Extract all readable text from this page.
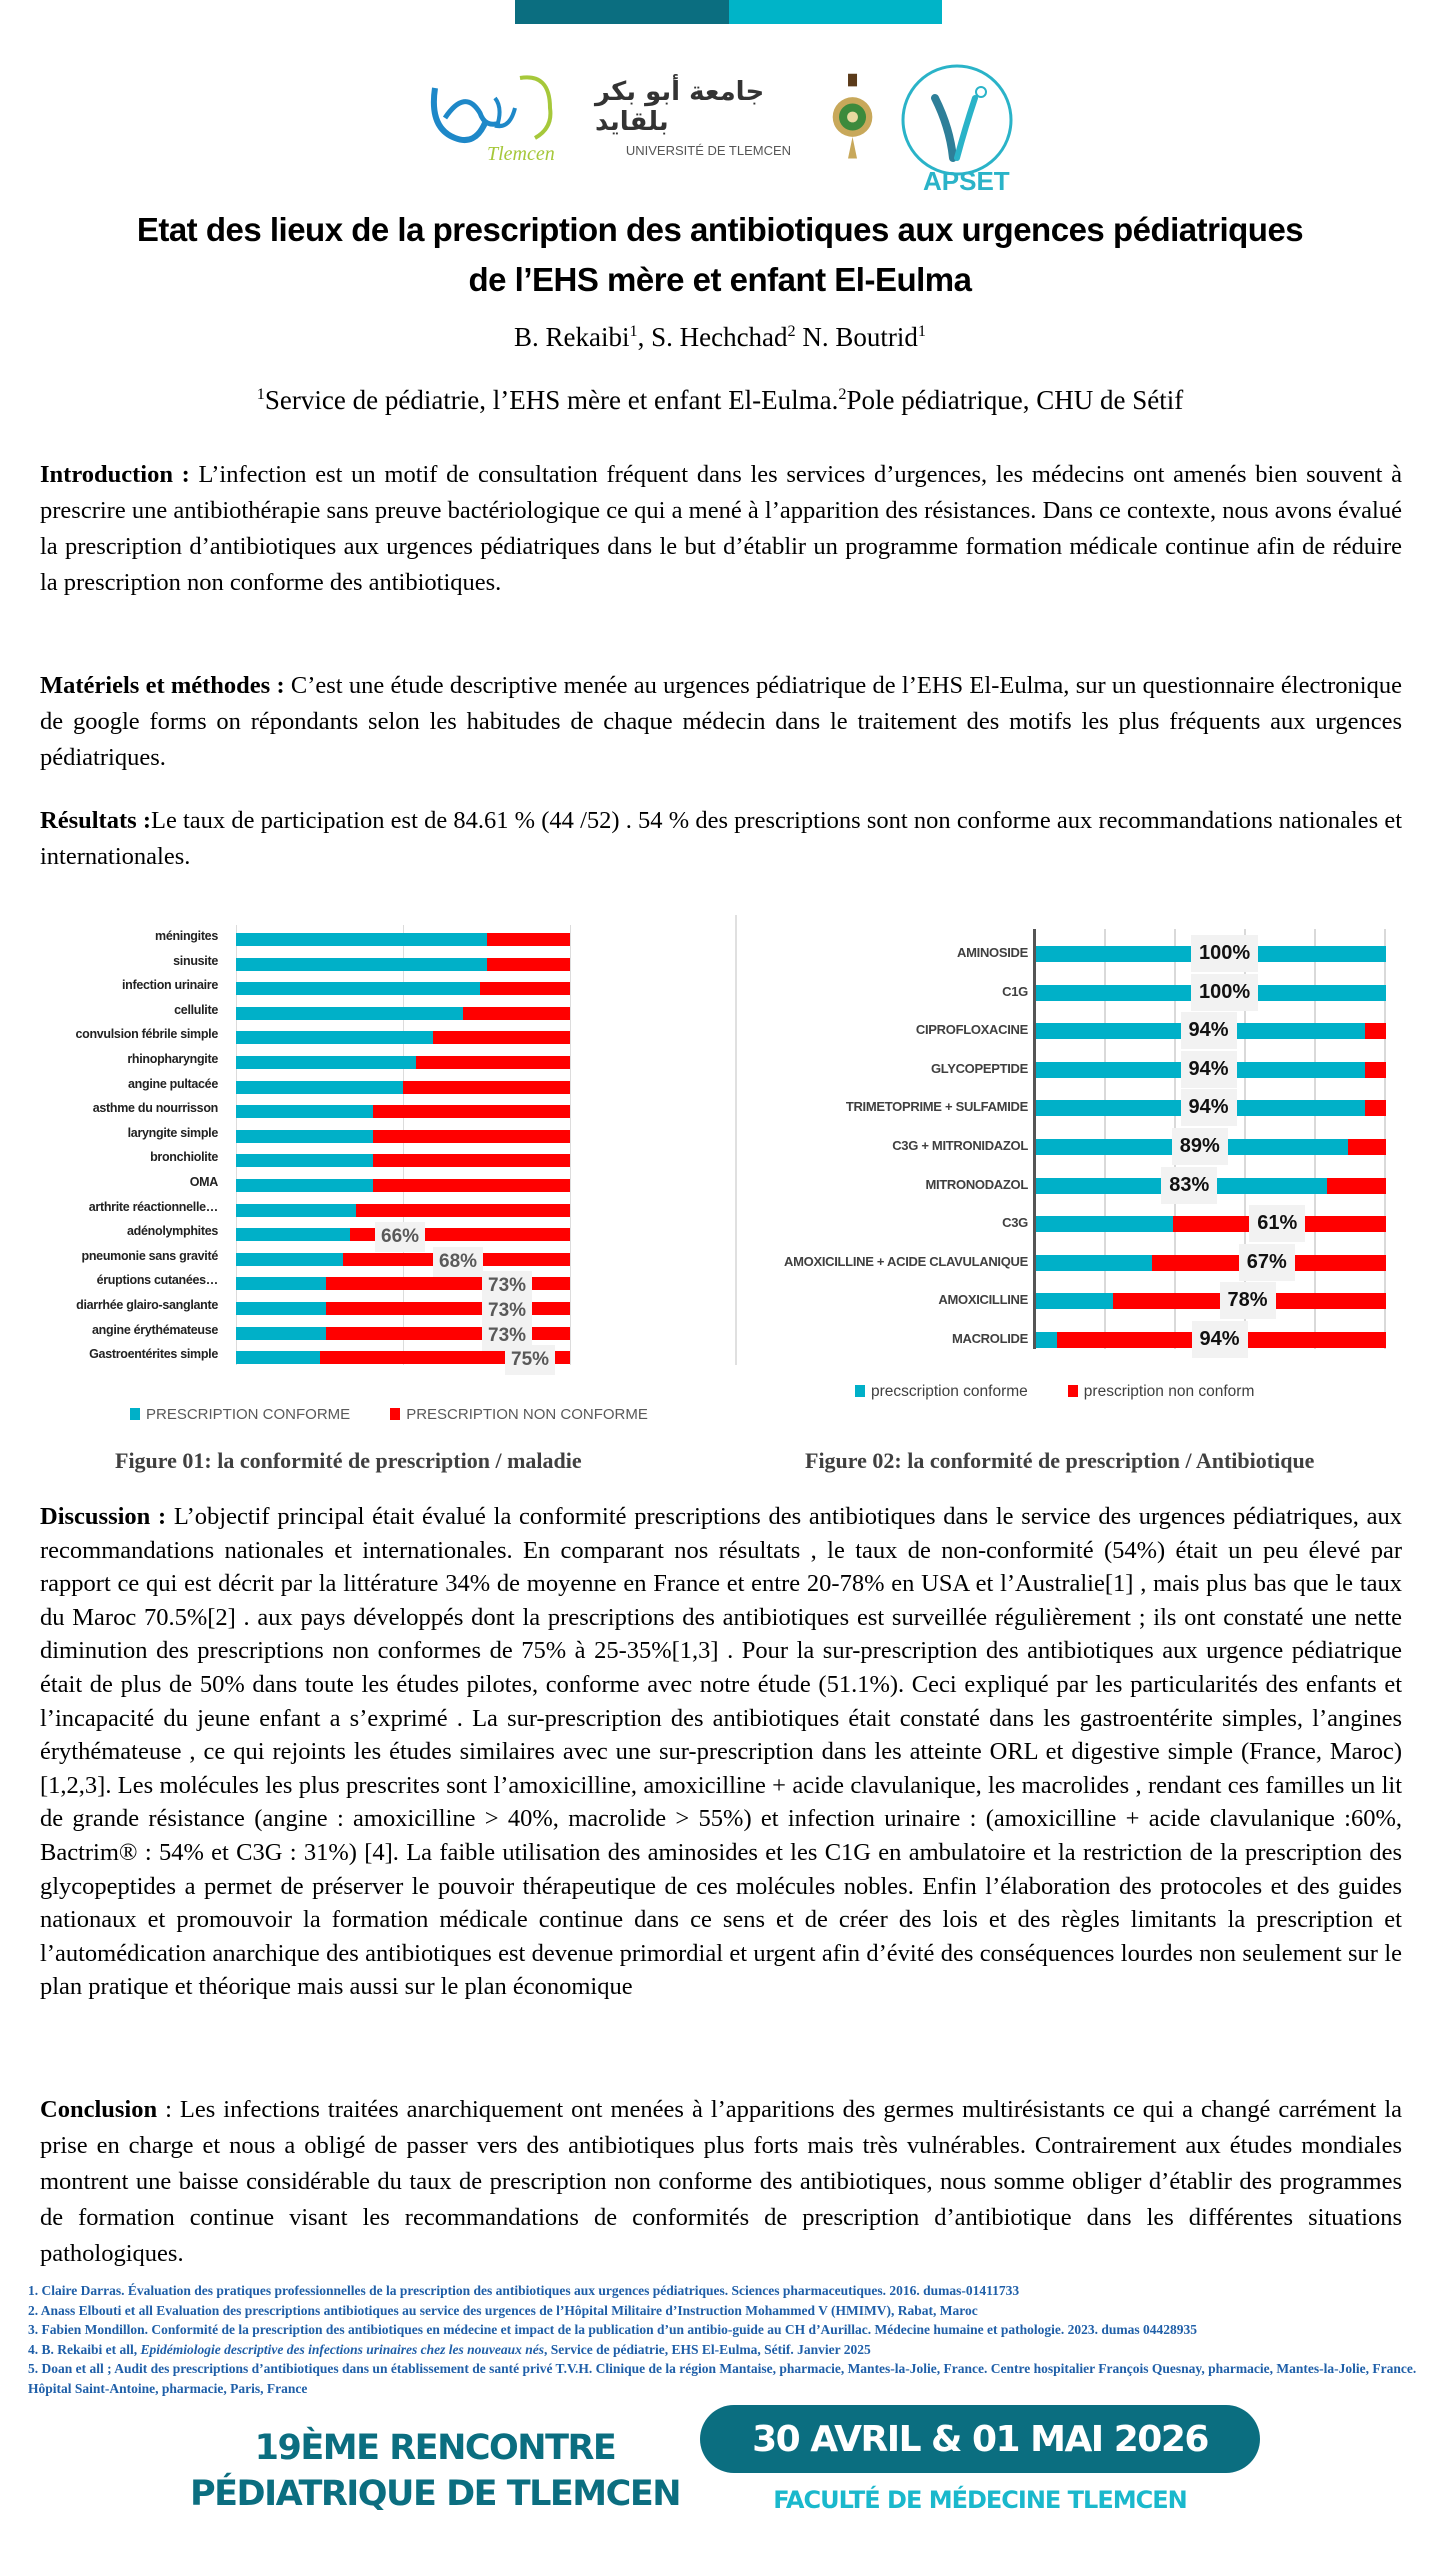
Tlemcen
جامعة أبو بكر بلقايد
UNIVERSITÉ DE TLEMCEN
APSET
Etat des lieux de la prescription des antibiotiques aux urgences pédiatriques
de l’EHS mère et enfant El-Eulma
B. Rekaibi$^1$, S. Hechchad$^2$ N. Boutrid$^1$
$^1$Service de pédiatrie, l’EHS mère et enfant El-Eulma.$^2$Pole pédiatrique, CHU de Sétif
Introduction : L’infection est un motif de consultation fréquent dans les services d’urgences, les médecins ont amenés bien souvent à prescrire une antibiothérapie sans preuve bactériologique ce qui a mené à l’apparition des résistances. Dans ce contexte, nous avons évalué la prescription d’antibiotiques aux urgences pédiatriques dans le but d’établir un programme formation médicale continue afin de réduire la prescription non conforme des antibiotiques.
Matériels et méthodes : C’est une étude descriptive menée au urgences pédiatrique de l’EHS El-Eulma, sur un questionnaire électronique de google forms on répondants selon les habitudes de chaque médecin dans le traitement des motifs les plus fréquents aux urgences pédiatriques.
Résultats :Le taux de participation est de 84.61 % (44 /52) . 54 % des prescriptions sont non conforme aux recommandations nationales et internationales.
méningites
sinusite
infection urinaire
cellulite
convulsion fébrile simple
rhinopharyngite
angine pultacée
asthme du nourrisson
laryngite simple
bronchiolite
OMA
arthrite réactionnelle…
adénolymphites	66%
pneumonie sans gravité	68%
éruptions cutanées…	73%
diarrhée glairo-sanglante	73%
angine érythémateuse	73%
Gastroentérites simple	75%
AMINOSIDE	100%
C1G	100%
CIPROFLOXACINE	94%
GLYCOPEPTIDE	94%
TRIMETOPRIME + SULFAMIDE	94%
C3G + MITRONIDAZOL	89%
MITRONODAZOL	83%
C3G	61%
AMOXICILLINE + ACIDE CLAVULANIQUE	67%
AMOXICILLINE	78%
MACROLIDE	94%
PRESCRIPTION CONFORME	PRESCRIPTION NON CONFORME
precscription conforme	prescription non conform
Figure 01: la conformité de prescription / maladie	Figure 02: la conformité de prescription / Antibiotique
Discussion : L’objectif principal était évalué la conformité prescriptions des antibiotiques dans le service des urgences pédiatriques, aux recommandations nationales et internationales. En comparant nos résultats , le taux de non-conformité (54%) était un peu élevé par rapport ce qui est décrit par la littérature 34% de moyenne en France et entre 20-78% en USA et l’Australie[1] , mais plus bas que le taux du Maroc 70.5%[2] . aux pays développés dont la prescriptions des antibiotiques est surveillée régulièrement ; ils ont constaté une nette diminution des prescriptions non conformes de 75% à 25-35%[1,3] . Pour la sur-prescription des antibiotiques aux urgence pédiatrique était de plus de 50% dans toute les études pilotes, conforme avec notre étude (51.1%). Ceci expliqué par les particularités des enfants et l’incapacité du jeune enfant a s’exprimé . La sur-prescription des antibiotiques était constaté dans les gastroentérite simples, l’angines érythémateuse , ce qui rejoints les études similaires avec une sur-prescription dans les atteinte ORL et digestive simple (France, Maroc) [1,2,3]. Les molécules les plus prescrites sont l’amoxicilline, amoxicilline + acide clavulanique, les macrolides , rendant ces familles un lit de grande résistance (angine : amoxicilline > 40%, macrolide > 55%) et infection urinaire : (amoxicilline + acide clavulanique :60%, Bactrim® : 54% et C3G : 31%) [4]. La faible utilisation des aminosides et les C1G en ambulatoire et la restriction de la prescription des glycopeptides a permet de préserver le pouvoir thérapeutique de ces molécules nobles. Enfin l’élaboration des protocoles et des guides nationaux et promouvoir la formation médicale continue dans ce sens et de créer des lois et des règles limitants la prescription et l’automédication anarchique des antibiotiques est devenue primordial et urgent afin d’évité des conséquences lourdes non seulement sur le plan pratique et théorique mais aussi sur le plan économique
Conclusion : Les infections traitées anarchiquement ont menées à l’apparitions des germes multirésistants ce qui a changé carrément la prise en charge et nous a obligé de passer vers des antibiotiques plus forts mais très vulnérables. Contrairement aux études mondiales montrent une baisse considérable du taux de prescription non conforme des antibiotiques, nous somme obliger d’établir des programmes de formation continue visant les recommandations de conformités de prescription d’antibiotique dans les différentes situations pathologiques.
1. Claire Darras. Évaluation des pratiques professionnelles de la prescription des antibiotiques aux urgences pédiatriques. Sciences pharmaceutiques. 2016. dumas-01411733
2. Anass Elbouti et all Evaluation des prescriptions antibiotiques au service des urgences de l’Hôpital Militaire d’Instruction Mohammed V (HMIMV), Rabat, Maroc
3. Fabien Mondillon. Conformité de la prescription des antibiotiques en médecine et impact de la publication d’un antibio-guide au CH d’Aurillac. Médecine humaine et pathologie. 2023. dumas 04428935
4. B. Rekaibi et all, Epidémiologie descriptive des infections urinaires chez les nouveaux nés, Service de pédiatrie, EHS El-Eulma, Sétif. Janvier 2025
5. Doan et all ; Audit des prescriptions d’antibiotiques dans un établissement de santé privé T.V.H. Clinique de la région Mantaise, pharmacie, Mantes-la-Jolie, France. Centre hospitalier François Quesnay, pharmacie, Mantes-la-Jolie, France. Hôpital Saint-Antoine, pharmacie, Paris, France
19ÈME RENCONTRE
PÉDIATRIQUE DE TLEMCEN
30 AVRIL & 01 MAI 2026
FACULTÉ DE MÉDECINE TLEMCEN
